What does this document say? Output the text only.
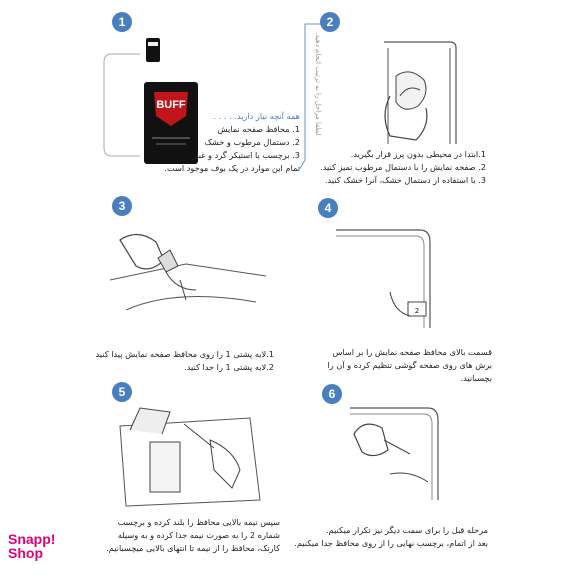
1
BUFF
همه آنچه نیاز دارید. . . . .
1. محافظ صفحه نمایش
2. دستمال مرطوب و خشک
3. برچسب یا استیکر گرد و غبار
تمام این موارد در پک بوف موجود است.
لطفا مراحل را به ترتیب انجام دهید.
2
1.ابتدا در محیطی بدون پرز قرار بگیرید.
2. صفحه نمایش را با دستمال مرطوب تمیز کنید.
3. با استفاده از دستمال خشک، آنرا خشک کنید.
3
1.لایه پشتی 1 را روی محافظ صفحه نمایش پیدا کنید
2.لایه پشتی 1 را جدا کنید.
4
2
قسمت بالای محافظ صفحه نمایش را بر اساس
برش های روی صفحه گوشی تنظیم کرده و آن را
بچسبانید.
5
سپس نیمه بالایی محافظ را بلند کرده و برچسب
شماره 2 را به صورت نیمه جدا کرده و به وسیله
کارتک، محافظ را از نیمه تا انتهای بالایی میچسبانیم.
6
مرحله قبل را برای سمت دیگر نیز تکرار میکنیم.
بعد از اتمام، برچسب نهایی را از روی محافظ جدا میکنیم.
Snapp!
Shop
